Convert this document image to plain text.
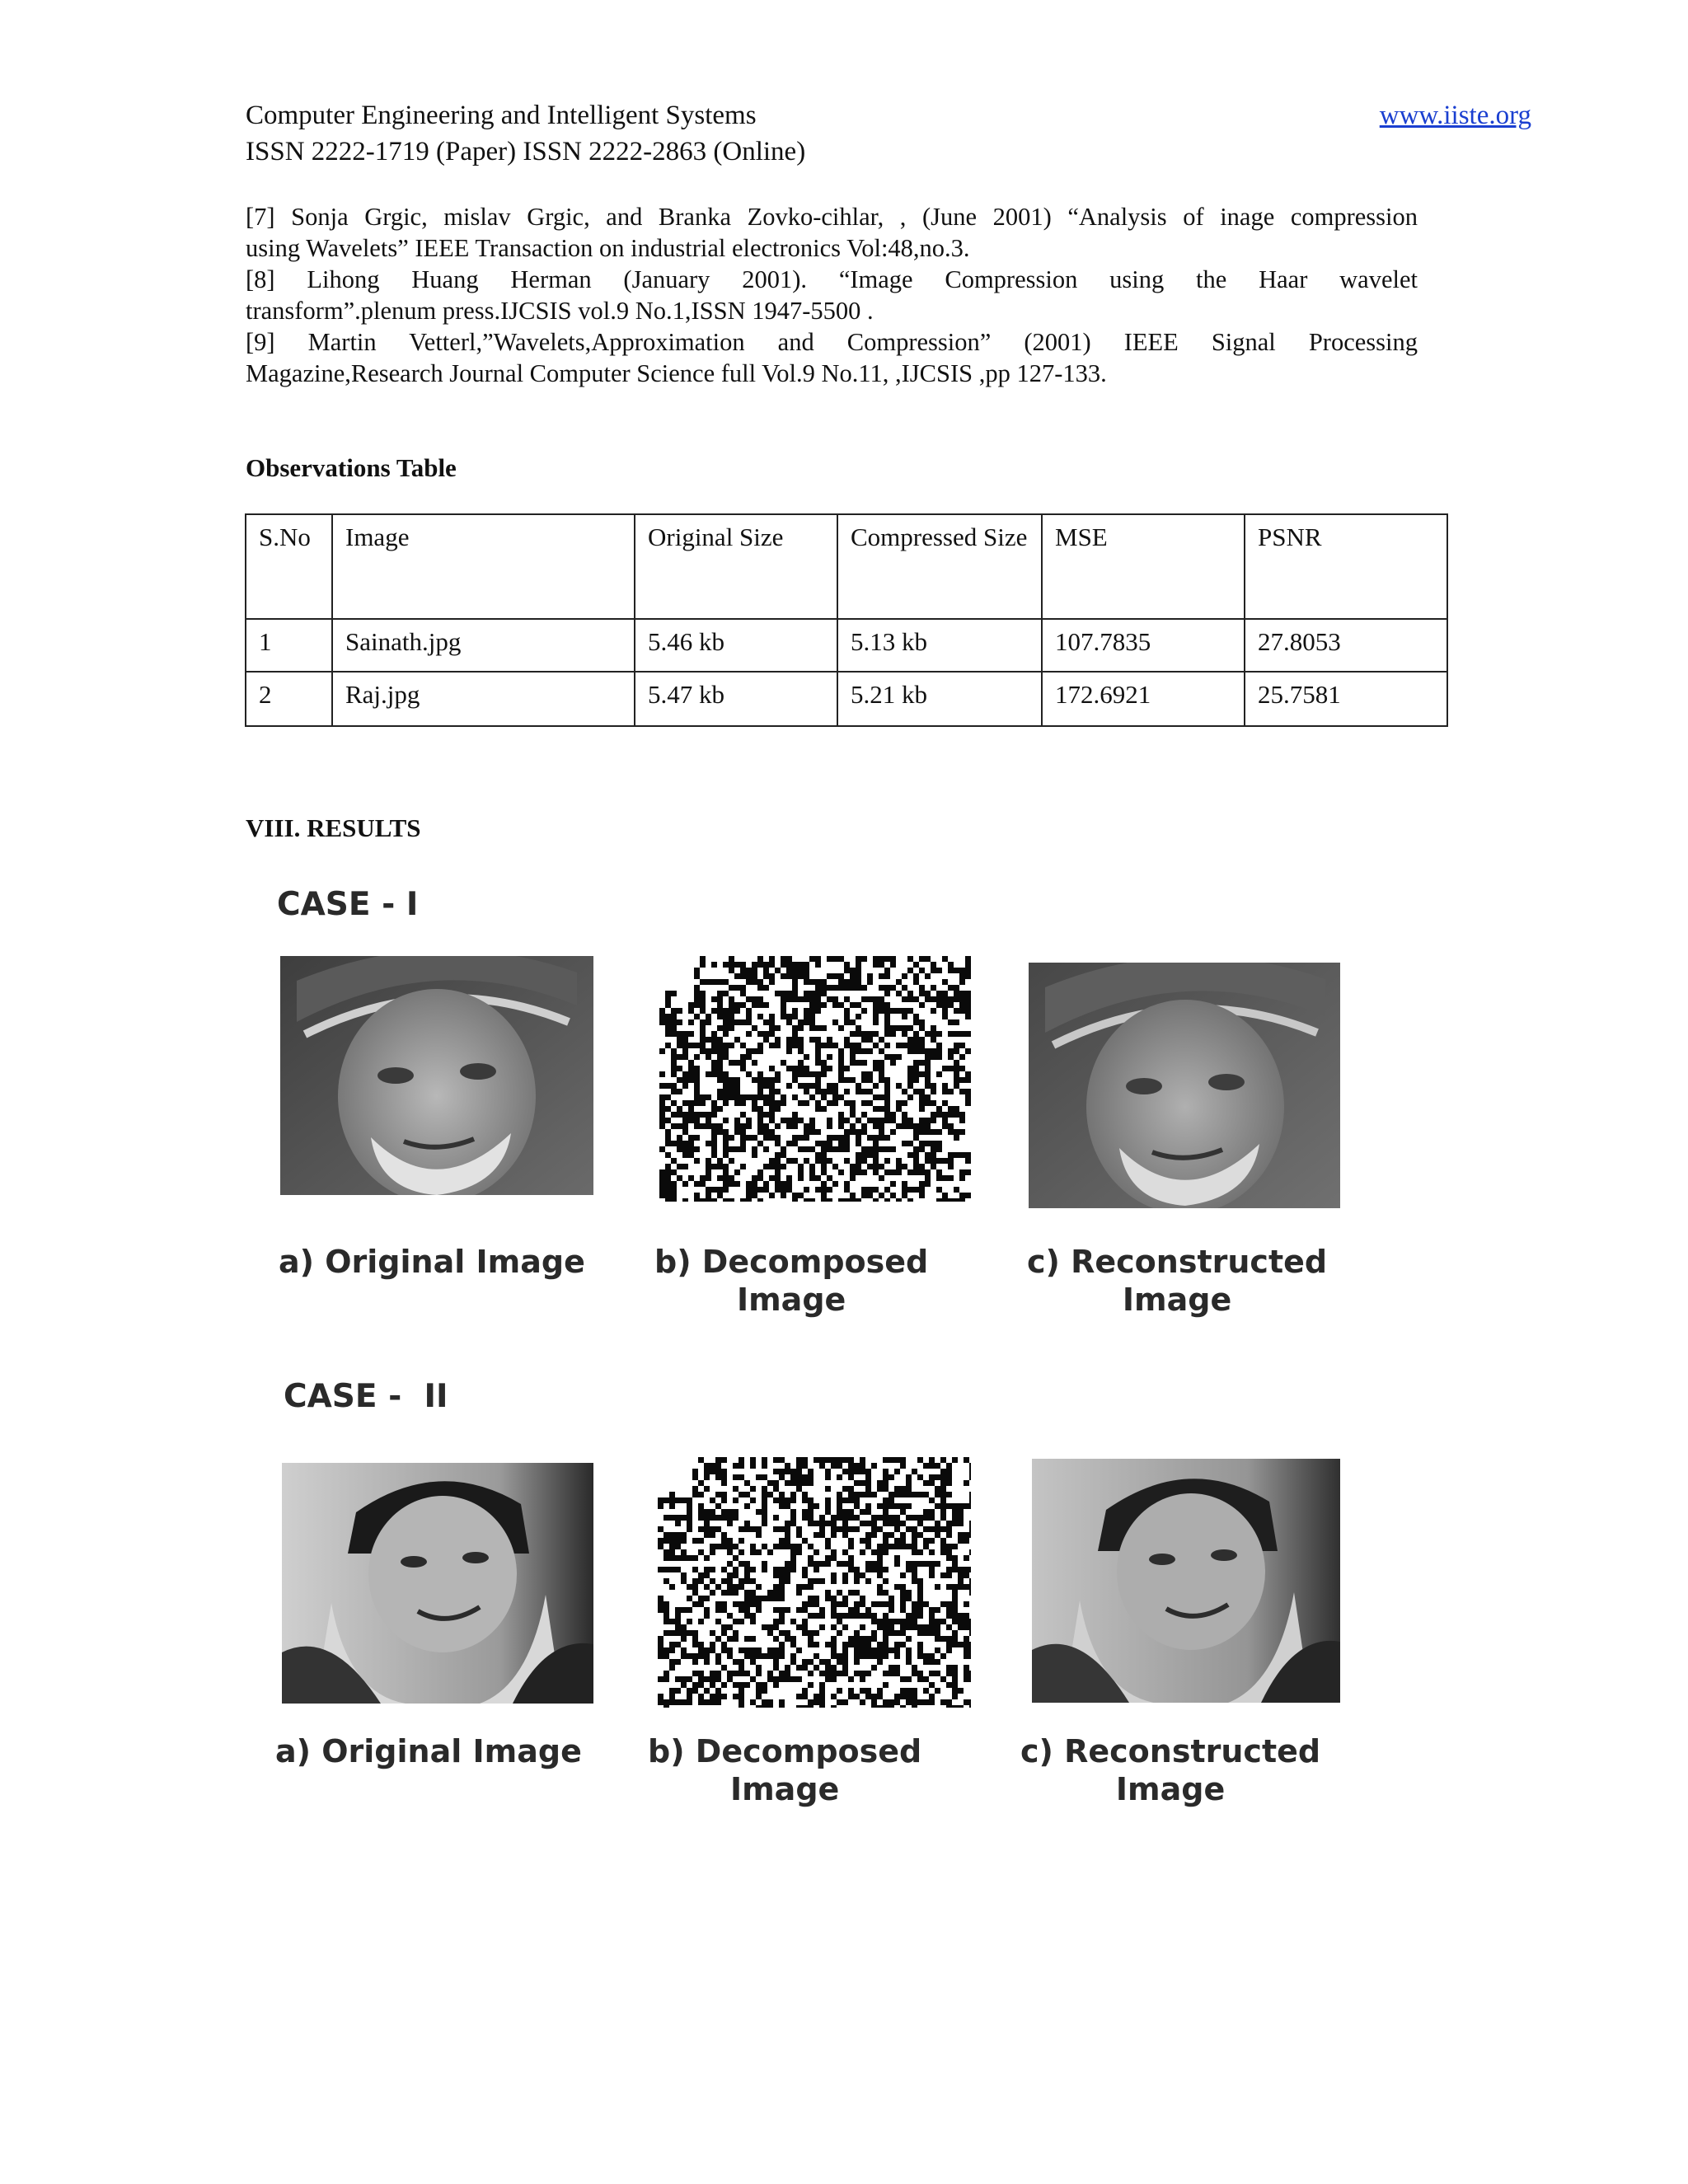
Computer Engineering and Intelligent Systems
ISSN 2222-1719 (Paper) ISSN 2222-2863 (Online)
www.iiste.org

[7] Sonja Grgic, mislav Grgic, and Branka Zovko-cihlar, , (June 2001) “Analysis of inage compression

using Wavelets” IEEE Transaction on industrial electronics Vol:48,no.3.

[8] Lihong Huang Herman (January 2001). “Image Compression using the Haar wavelet

transform”.plenum press.IJCSIS vol.9 No.1,ISSN 1947-5500 .

[9] Martin Vetterl,”Wavelets,Approximation and Compression” (2001) IEEE Signal Processing

Magazine,Research Journal Computer Science full Vol.9 No.11, ,IJCSIS ,pp 127-133.

Observations Table
S.No	Image	Original Size	Compressed Size	MSE	PSNR
1	Sainath.jpg	5.46 kb	5.13 kb	107.7835	27.8053
2	Raj.jpg	5.47 kb	5.21 kb	172.6921	25.7581
VIII. RESULTS
CASE - I
a) Original Image b) Decomposed
Image
c) Reconstructed
Image
CASE -  II
a) Original Image b) Decomposed
Image
c) Reconstructed
Image
